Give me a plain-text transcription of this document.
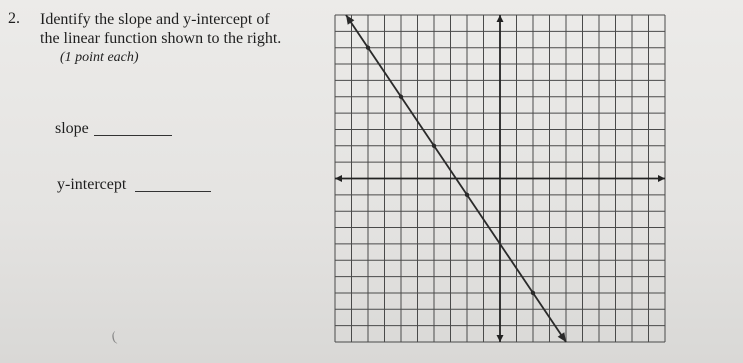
2. Identify the slope and y-intercept of
the linear function shown to the right.
(1 point each)
slope
y-intercept
(
